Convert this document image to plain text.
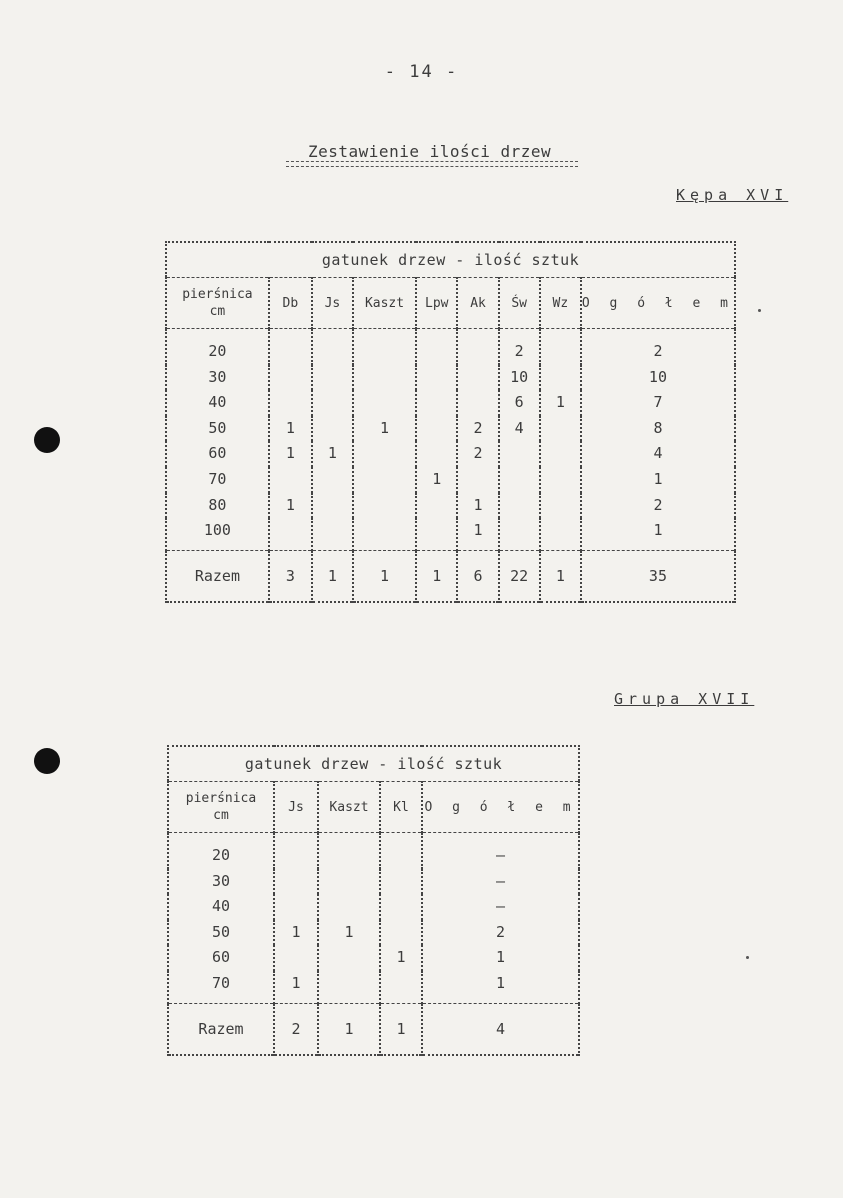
- 14 -
Zestawienie ilości drzew
Kępa XVI
gatunek drzew - ilość sztuk								

pierśnica
cm	Db	Js	Kaszt	Lpw	Ak	Św	Wz	O g ó ł e m
20						2		2
30						10		10
40						6	1	7
50	1		1		2	4		8
60	1	1			2			4
70				1				1
80	1				1			2
100					1			1
Razem	3	1	1	1	6	22	1	35
Grupa XVII
gatunek drzew - ilość sztuk				

pierśnica
cm	Js	Kaszt	Kl	O g ó ł e m
20				–
30				–
40				–
50	1	1		2
60			1	1
70	1			1
Razem	2	1	1	4
